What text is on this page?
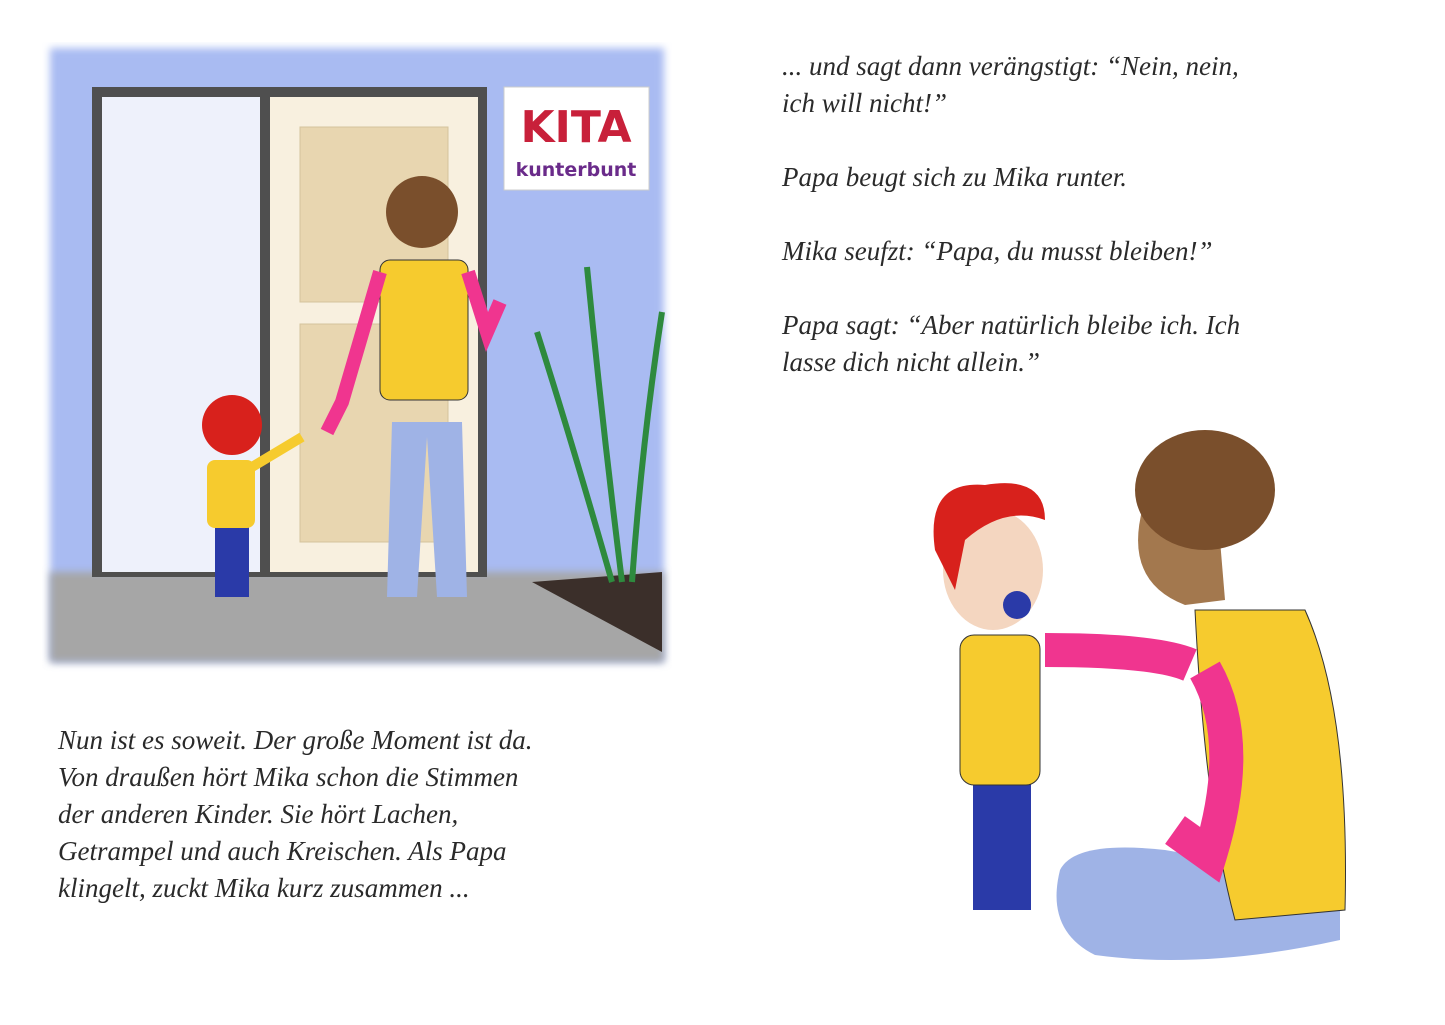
KITA
kunterbunt
Nun ist es soweit. Der große Moment ist da.
Von draußen hört Mika schon die Stimmen
der anderen Kinder. Sie hört Lachen,
Getrampel und auch Kreischen. Als Papa
klingelt, zuckt Mika kurz zusammen ...
... und sagt dann verängstigt: “Nein, nein,
ich will nicht!”
Papa beugt sich zu Mika runter.
Mika seufzt: “Papa, du musst bleiben!”
Papa sagt: “Aber natürlich bleibe ich. Ich
lasse dich nicht allein.”
